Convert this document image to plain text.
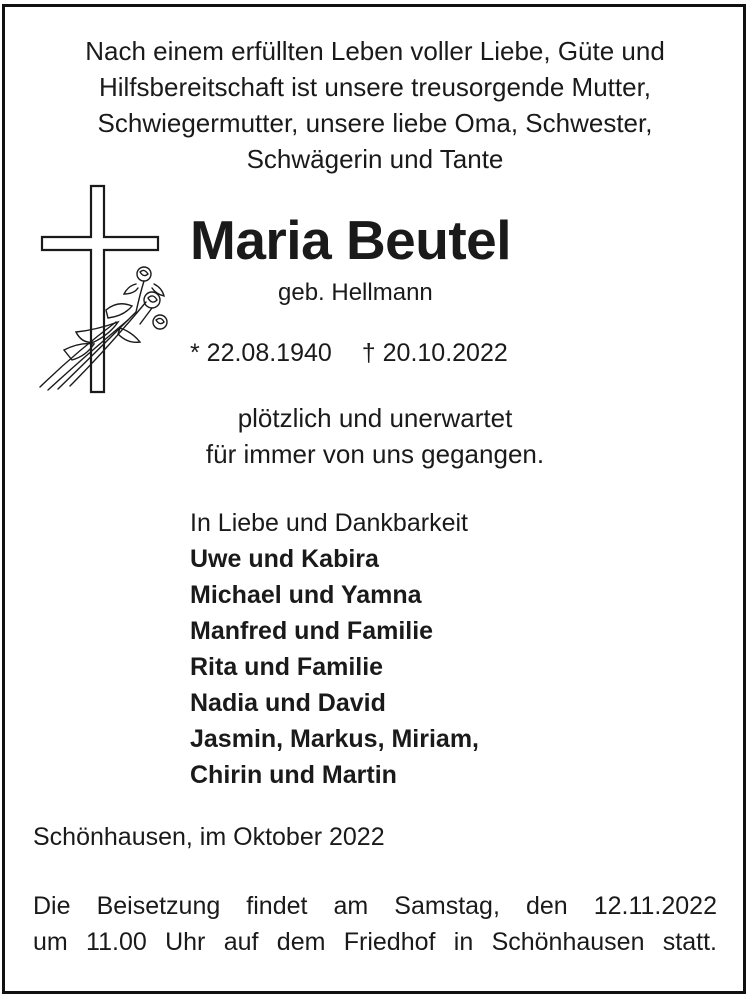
Nach einem erfüllten Leben voller Liebe, Güte und
Hilfsbereitschaft ist unsere treusorgende Mutter,
Schwiegermutter, unsere liebe Oma, Schwester,
Schwägerin und Tante
Maria Beutel
geb. Hellmann
* 22.08.1940 † 20.10.2022
plötzlich und unerwartet
für immer von uns gegangen.
In Liebe und Dankbarkeit
Uwe und Kabira
Michael und Yamna
Manfred und Familie
Rita und Familie
Nadia und David
Jasmin, Markus, Miriam,
Chirin und Martin
Schönhausen, im Oktober 2022
Die Beisetzung findet am Samstag, den 12.11.2022
um 11.00 Uhr auf dem Friedhof in Schönhausen statt.
